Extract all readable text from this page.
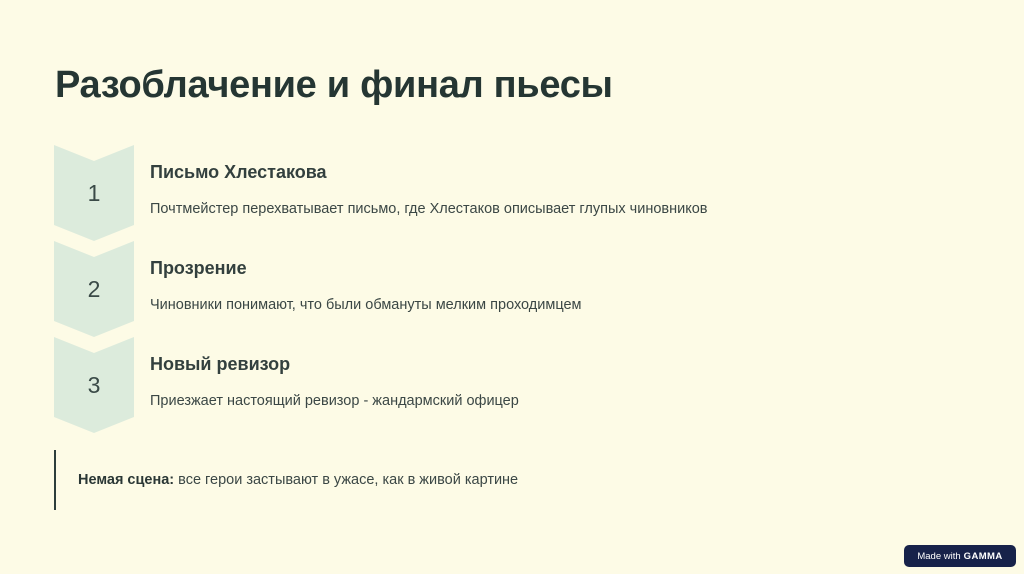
Разоблачение и финал пьесы
1
Письмо Хлестакова
Почтмейстер перехватывает письмо, где Хлестаков описывает глупых чиновников
2
Прозрение
Чиновники понимают, что были обмануты мелким проходимцем
3
Новый ревизор
Приезжает настоящий ревизор - жандармский офицер
Немая сцена: все герои застывают в ужасе, как в живой картине
Made with GAMMA
